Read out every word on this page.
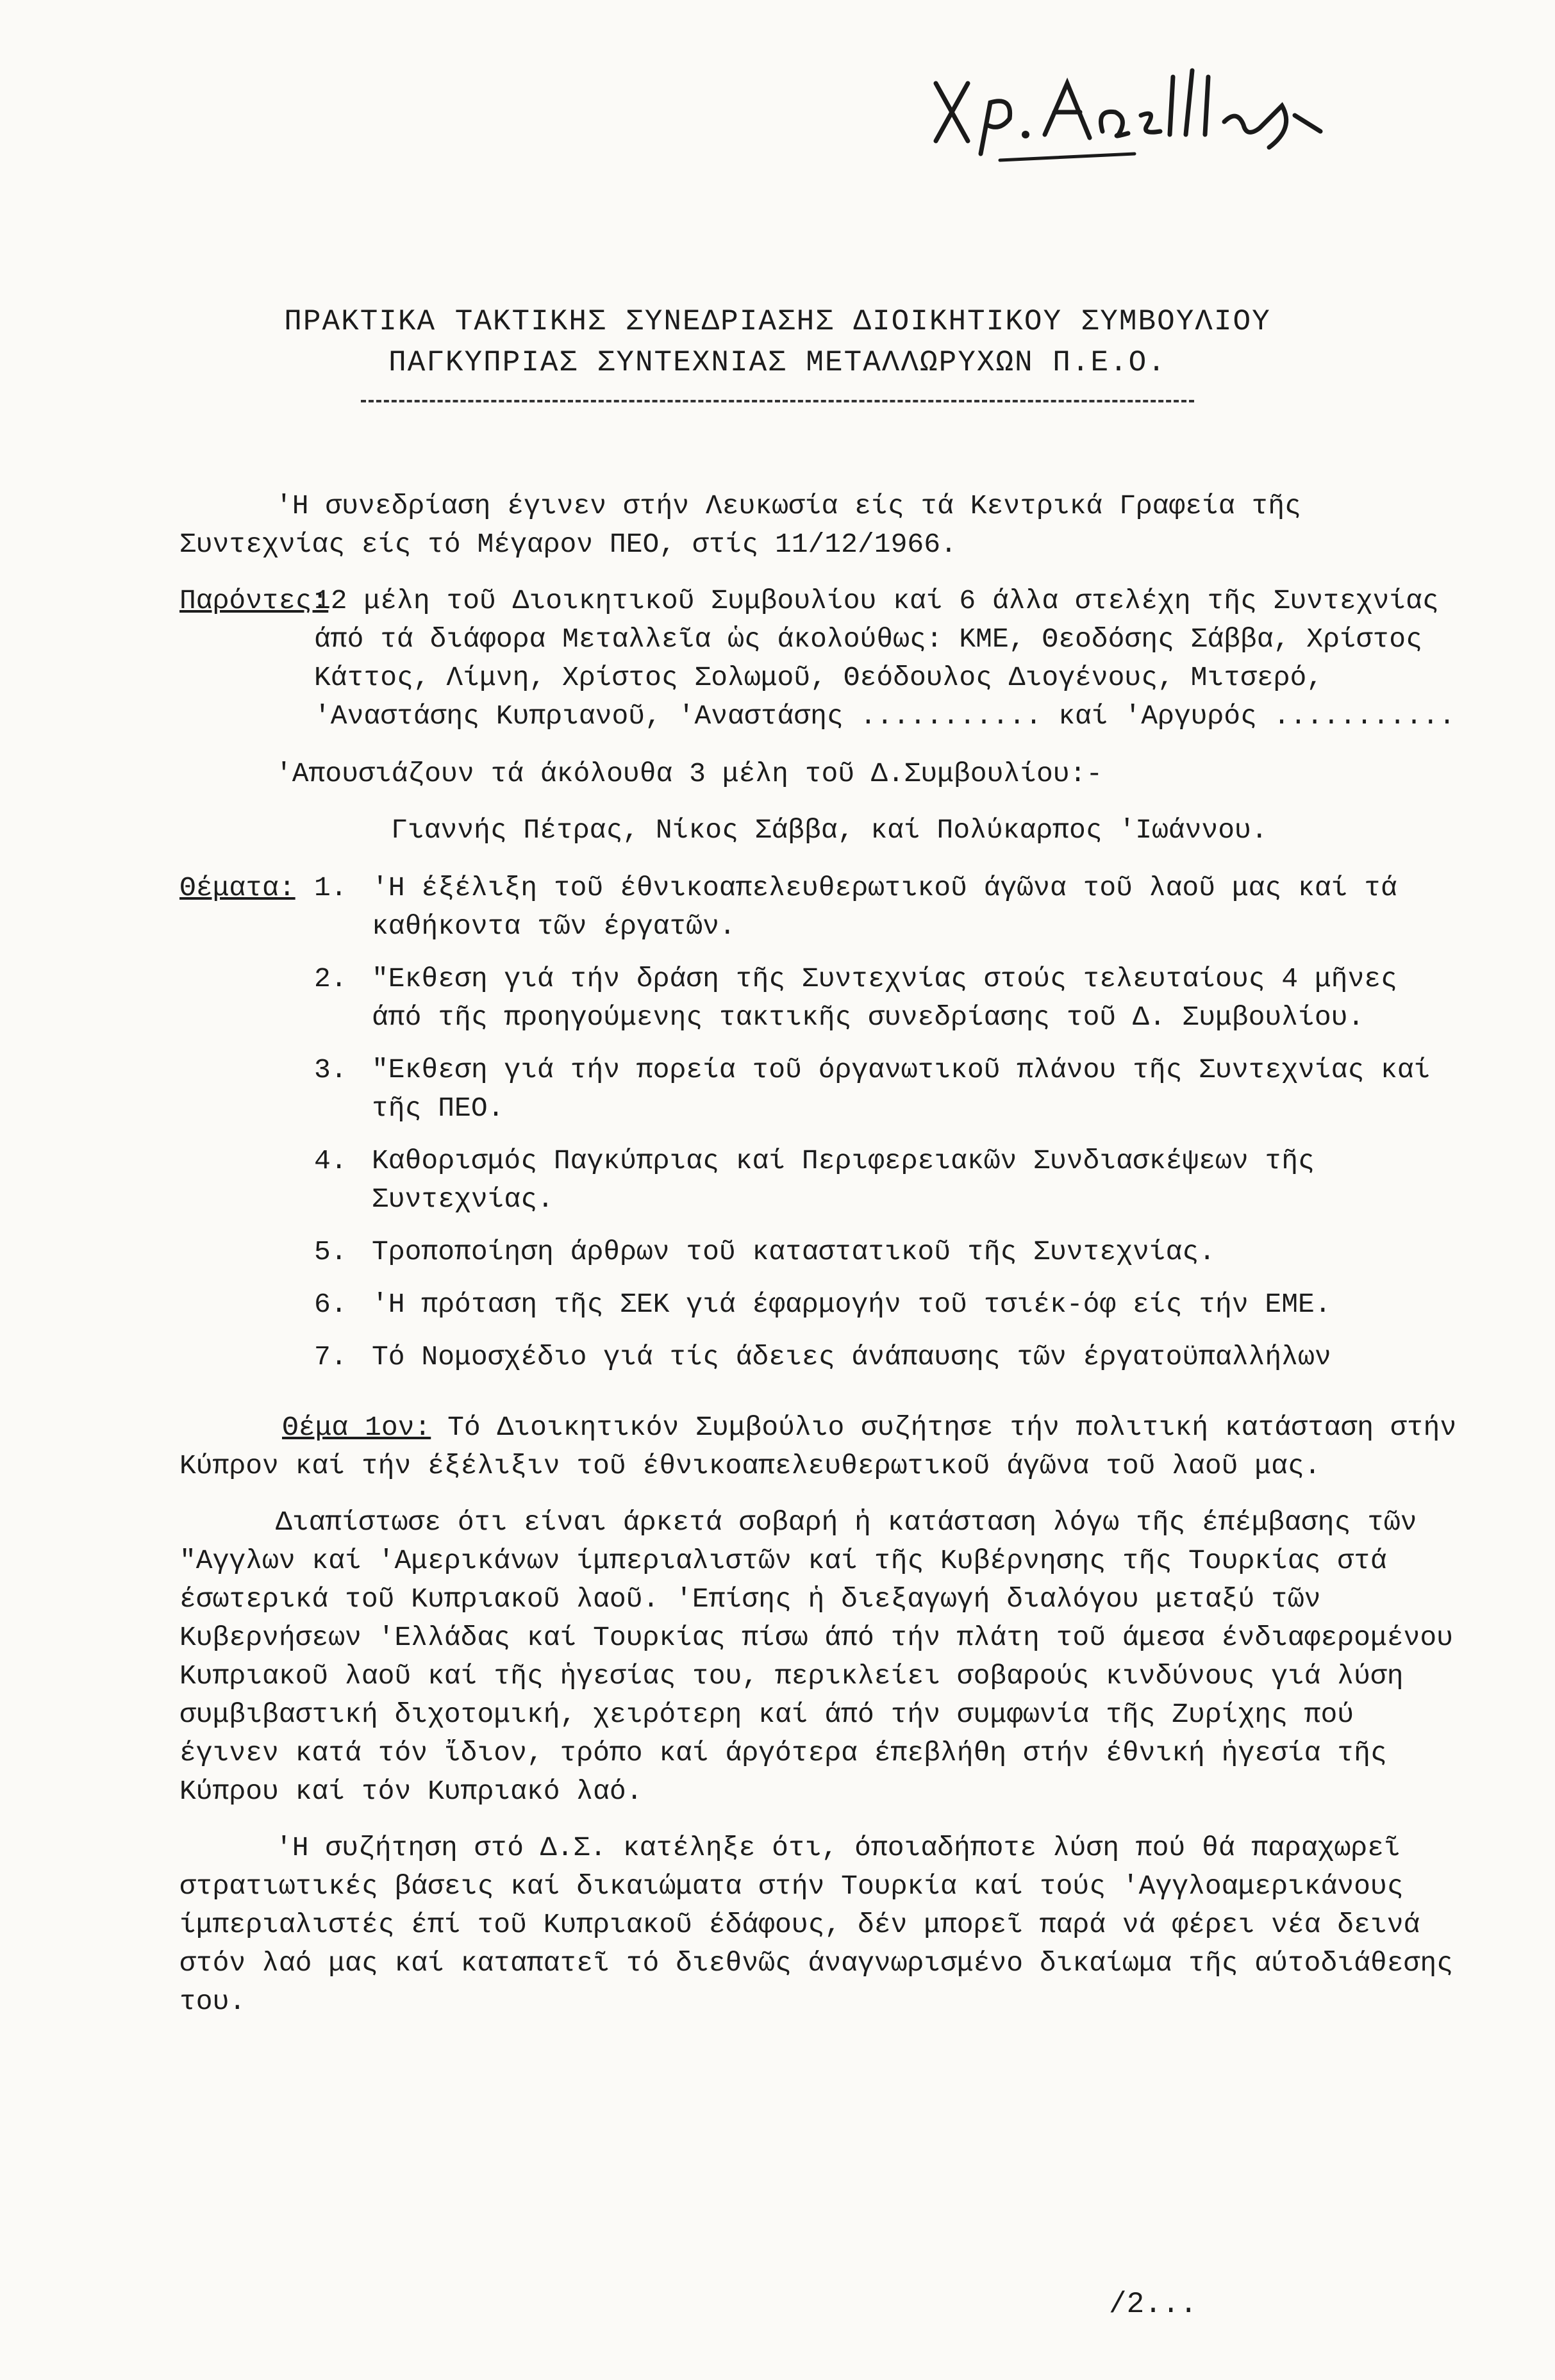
ΠΡΑΚΤΙΚΑ ΤΑΚΤΙΚΗΣ ΣΥΝΕΔΡΙΑΣΗΣ ΔΙΟΙΚΗΤΙΚΟΥ ΣΥΜΒΟΥΛΙΟΥ
ΠΑΓΚΥΠΡΙΑΣ ΣΥΝΤΕΧΝΙΑΣ ΜΕΤΑΛΛΩΡΥΧΩΝ Π.Ε.Ο.

'Η συνεδρίαση έγινεν στήν Λευκωσία είς τά Κεντρικά Γραφεία τῆς Συντεχνίας είς τό Μέγαρον ΠΕΟ, στίς 11/12/1966.

Παρόντες:
12 μέλη τοῦ Διοικητικοῦ Συμβουλίου καί 6 άλλα στελέχη τῆς Συντεχνίας άπό τά διάφορα Μεταλλεῖα ὡς άκολούθως: ΚΜΕ, Θεοδόσης Σάββα, Χρίστος Κάττος, Λίμνη, Χρίστος Σολωμοῦ, Θεόδουλος Διογένους, Μιτσερό, 'Αναστάσης Κυπριανοῦ, 'Αναστάσης ........... καί 'Αργυρός ...........

'Απουσιάζουν τά άκόλουθα 3 μέλη τοῦ Δ.Συμβουλίου:-

Γιαννής Πέτρας, Νίκος Σάββα, καί Πολύκαρπος 'Ιωάννου.

Θέματα: 1. 'Η έξέλιξη τοῦ έθνικοαπελευθερωτικοῦ άγῶνα τοῦ λαοῦ μας καί τά καθήκοντα τῶν έργατῶν.
2. "Εκθεση γιά τήν δράση τῆς Συντεχνίας στούς τελευταίους 4 μῆνες άπό τῆς προηγούμενης τακτικῆς συνεδρίασης τοῦ Δ. Συμβουλίου.
3. "Εκθεση γιά τήν πορεία τοῦ όργανωτικοῦ πλάνου τῆς Συντεχνίας καί τῆς ΠΕΟ.
4. Καθορισμός Παγκύπριας καί Περιφερειακῶν Συνδιασκέψεων τῆς Συντεχνίας.
5. Τροποποίηση άρθρων τοῦ καταστατικοῦ τῆς Συντεχνίας.
6. 'Η πρόταση τῆς ΣΕΚ γιά έφαρμογήν τοῦ τσιέκ-όφ είς τήν ΕΜΕ.
7. Τό Νομοσχέδιο γιά τίς άδειες άνάπαυσης τῶν έργατοϋπαλλήλων

Θέμα 1ον: Τό Διοικητικόν Συμβούλιο συζήτησε τήν πολιτική κατάσταση στήν Κύπρον καί τήν έξέλιξιν τοῦ έθνικοαπελευθερωτικοῦ άγῶνα τοῦ λαοῦ μας.

Διαπίστωσε ότι είναι άρκετά σοβαρή ἡ κατάσταση λόγω τῆς έπέμβασης τῶν "Αγγλων καί 'Αμερικάνων ίμπεριαλιστῶν καί τῆς Κυβέρνησης τῆς Τουρκίας στά έσωτερικά τοῦ Κυπριακοῦ λαοῦ. 'Επίσης ἡ διεξαγωγή διαλόγου μεταξύ τῶν Κυβερνήσεων 'Ελλάδας καί Τουρκίας πίσω άπό τήν πλάτη τοῦ άμεσα ένδιαφερομένου Κυπριακοῦ λαοῦ καί τῆς ἡγεσίας του, περικλείει σοβαρούς κινδύνους γιά λύση συμβιβαστική διχοτομική, χειρότερη καί άπό τήν συμφωνία τῆς Ζυρίχης πού έγινεν κατά τόν ἴδιον, τρόπο καί άργότερα έπεβλήθη στήν έθνική ἡγεσία τῆς Κύπρου καί τόν Κυπριακό λαό.

'Η συζήτηση στό Δ.Σ. κατέληξε ότι, όποιαδήποτε λύση πού θά παραχωρεῖ στρατιωτικές βάσεις καί δικαιώματα στήν Τουρκία καί τούς 'Αγγλοαμερικάνους ίμπεριαλιστές έπί τοῦ Κυπριακοῦ έδάφους, δέν μπορεῖ παρά νά φέρει νέα δεινά στόν λαό μας καί καταπατεῖ τό διεθνῶς άναγνωρισμένο δικαίωμα τῆς αύτοδιάθεσης του.

/2...
